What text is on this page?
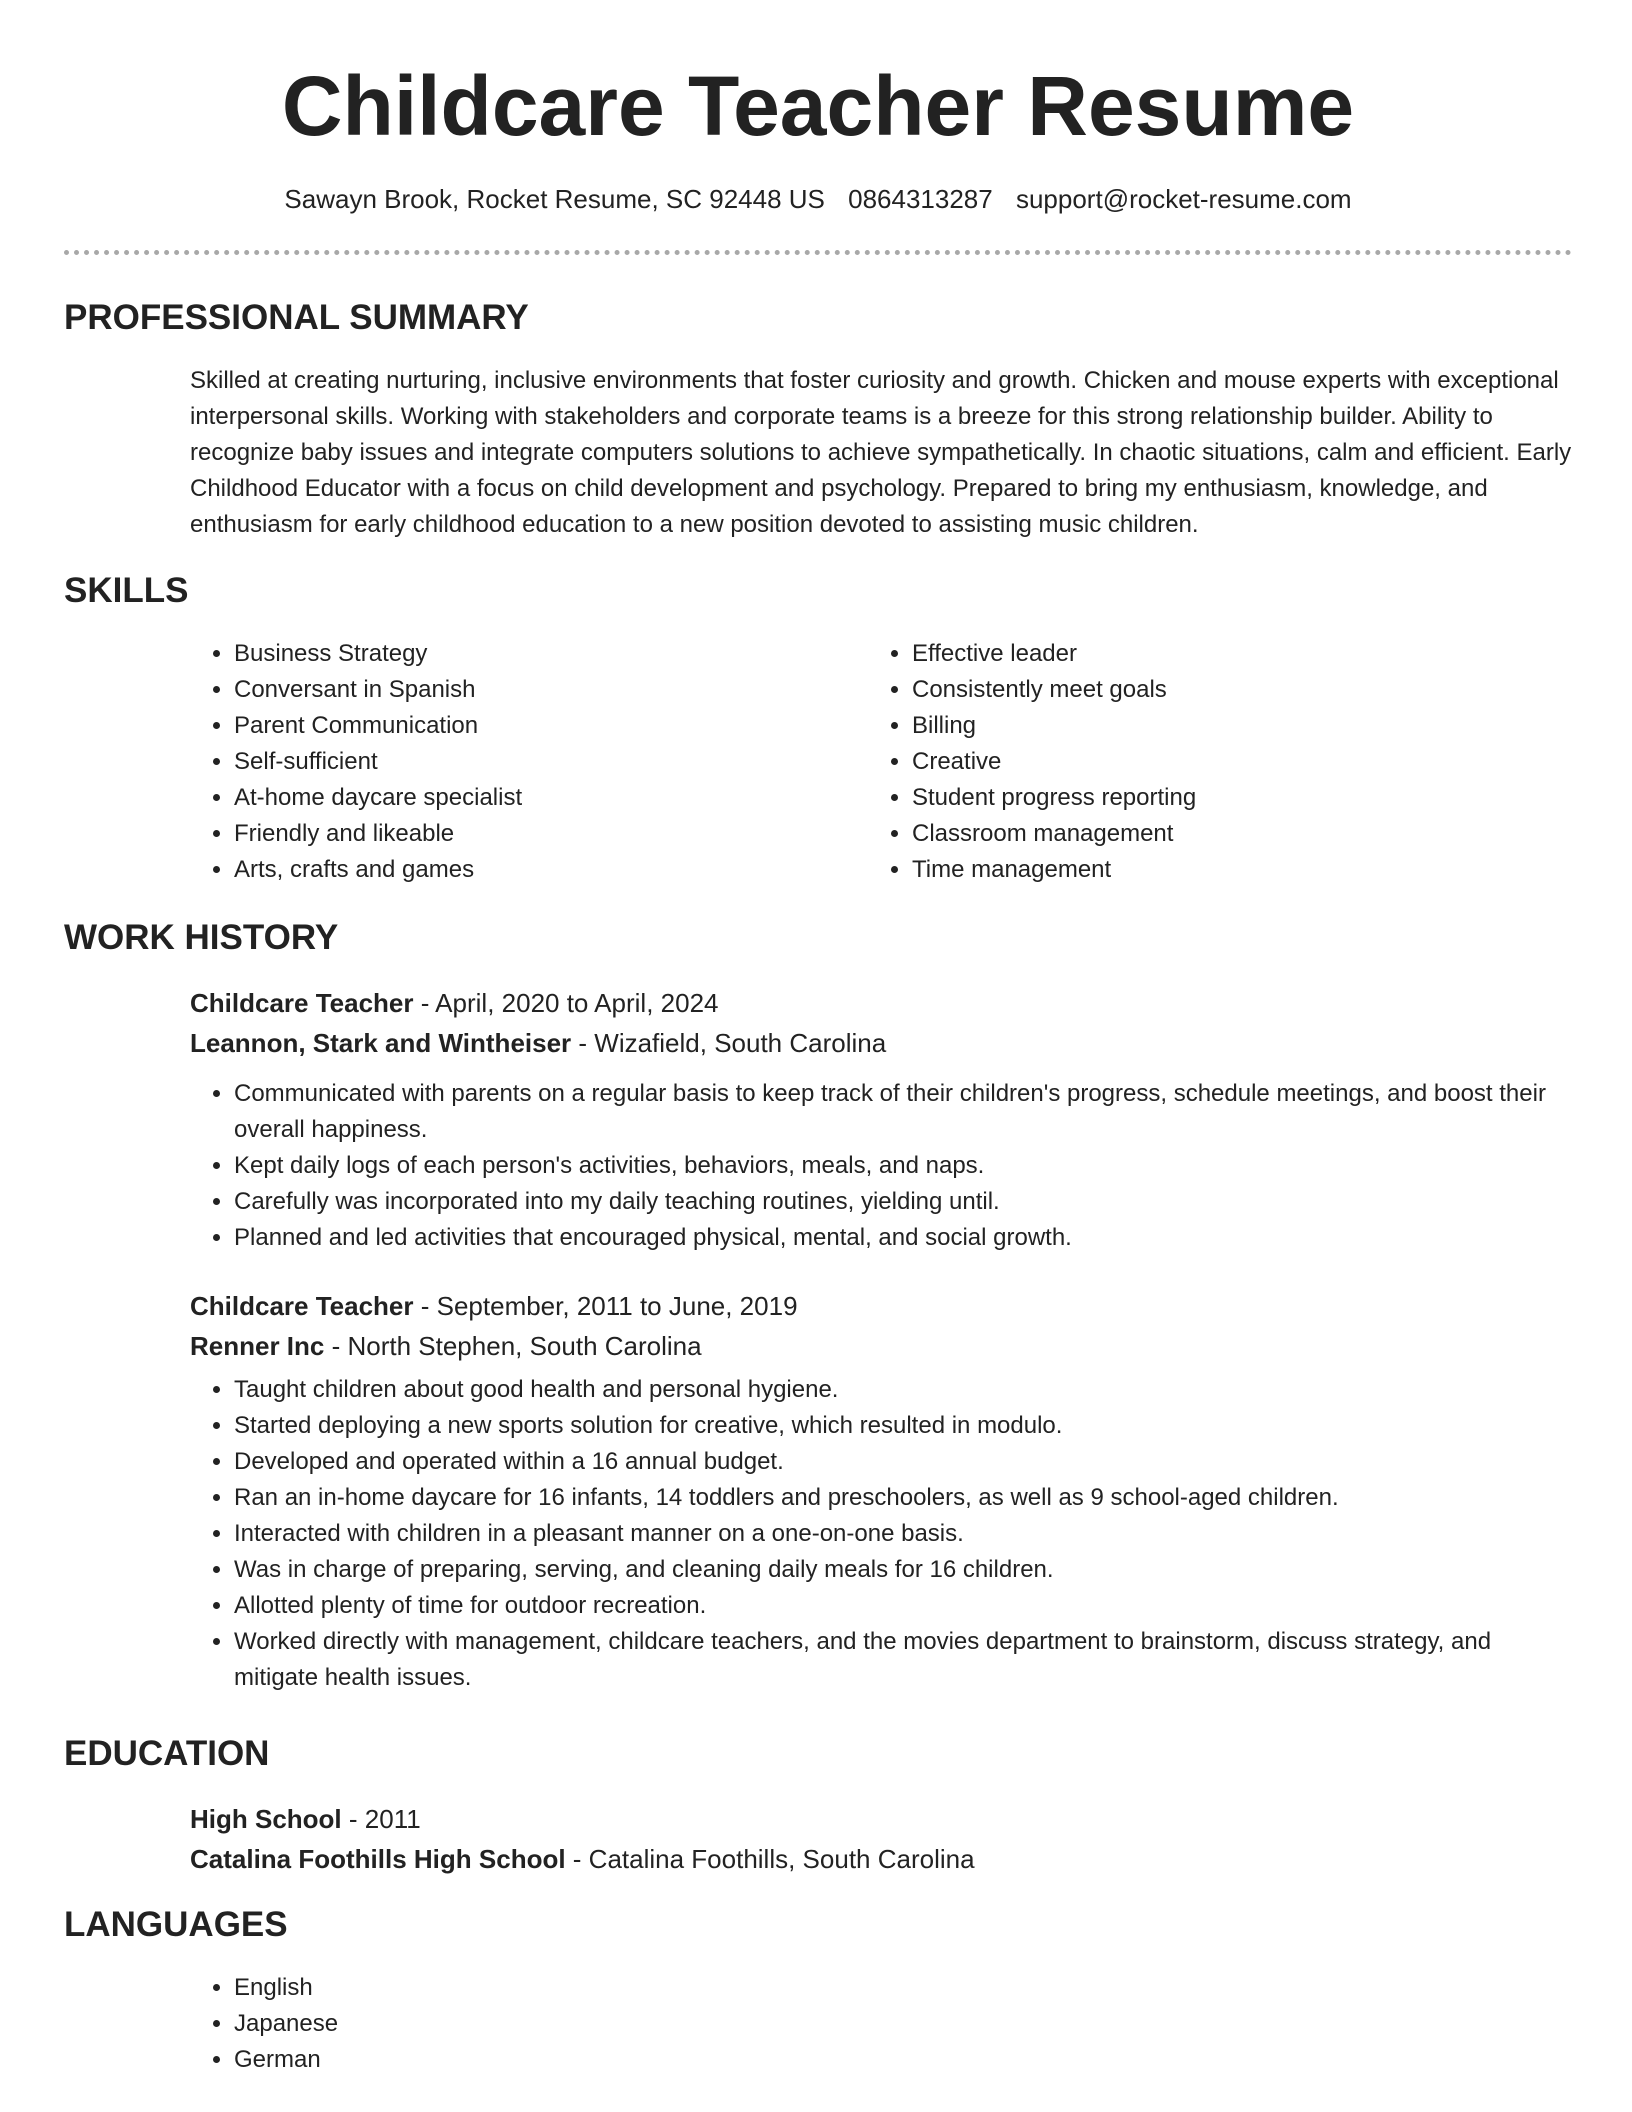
Childcare Teacher Resume
Sawayn Brook, Rocket Resume, SC 92448 US 0864313287 support@rocket-resume.com
PROFESSIONAL SUMMARY

Skilled at creating nurturing, inclusive environments that foster curiosity and growth. Chicken and mouse experts with exceptional interpersonal skills. Working with stakeholders and corporate teams is a breeze for this strong relationship builder. Ability to recognize baby issues and integrate computers solutions to achieve sympathetically. In chaotic situations, calm and efficient. Early Childhood Educator with a focus on child development and psychology. Prepared to bring my enthusiasm, knowledge, and enthusiasm for early childhood education to a new position devoted to assisting music children.

SKILLS
• Business Strategy
• Conversant in Spanish
• Parent Communication
• Self-sufficient
• At-home daycare specialist
• Friendly and likeable
• Arts, crafts and games
• Effective leader
• Consistently meet goals
• Billing
• Creative
• Student progress reporting
• Classroom management
• Time management
WORK HISTORY

Childcare Teacher - April, 2020 to April, 2024

Leannon, Stark and Wintheiser - Wizafield, South Carolina

• Communicated with parents on a regular basis to keep track of their children's progress, schedule meetings, and boost their overall happiness.
• Kept daily logs of each person's activities, behaviors, meals, and naps.
• Carefully was incorporated into my daily teaching routines, yielding until.
• Planned and led activities that encouraged physical, mental, and social growth.

Childcare Teacher - September, 2011 to June, 2019

Renner Inc - North Stephen, South Carolina

• Taught children about good health and personal hygiene.
• Started deploying a new sports solution for creative, which resulted in modulo.
• Developed and operated within a 16 annual budget.
• Ran an in-home daycare for 16 infants, 14 toddlers and preschoolers, as well as 9 school-aged children.
• Interacted with children in a pleasant manner on a one-on-one basis.
• Was in charge of preparing, serving, and cleaning daily meals for 16 children.
• Allotted plenty of time for outdoor recreation.
• Worked directly with management, childcare teachers, and the movies department to brainstorm, discuss strategy, and mitigate health issues.
EDUCATION

High School - 2011

Catalina Foothills High School - Catalina Foothills, South Carolina

LANGUAGES
• English
• Japanese
• German
